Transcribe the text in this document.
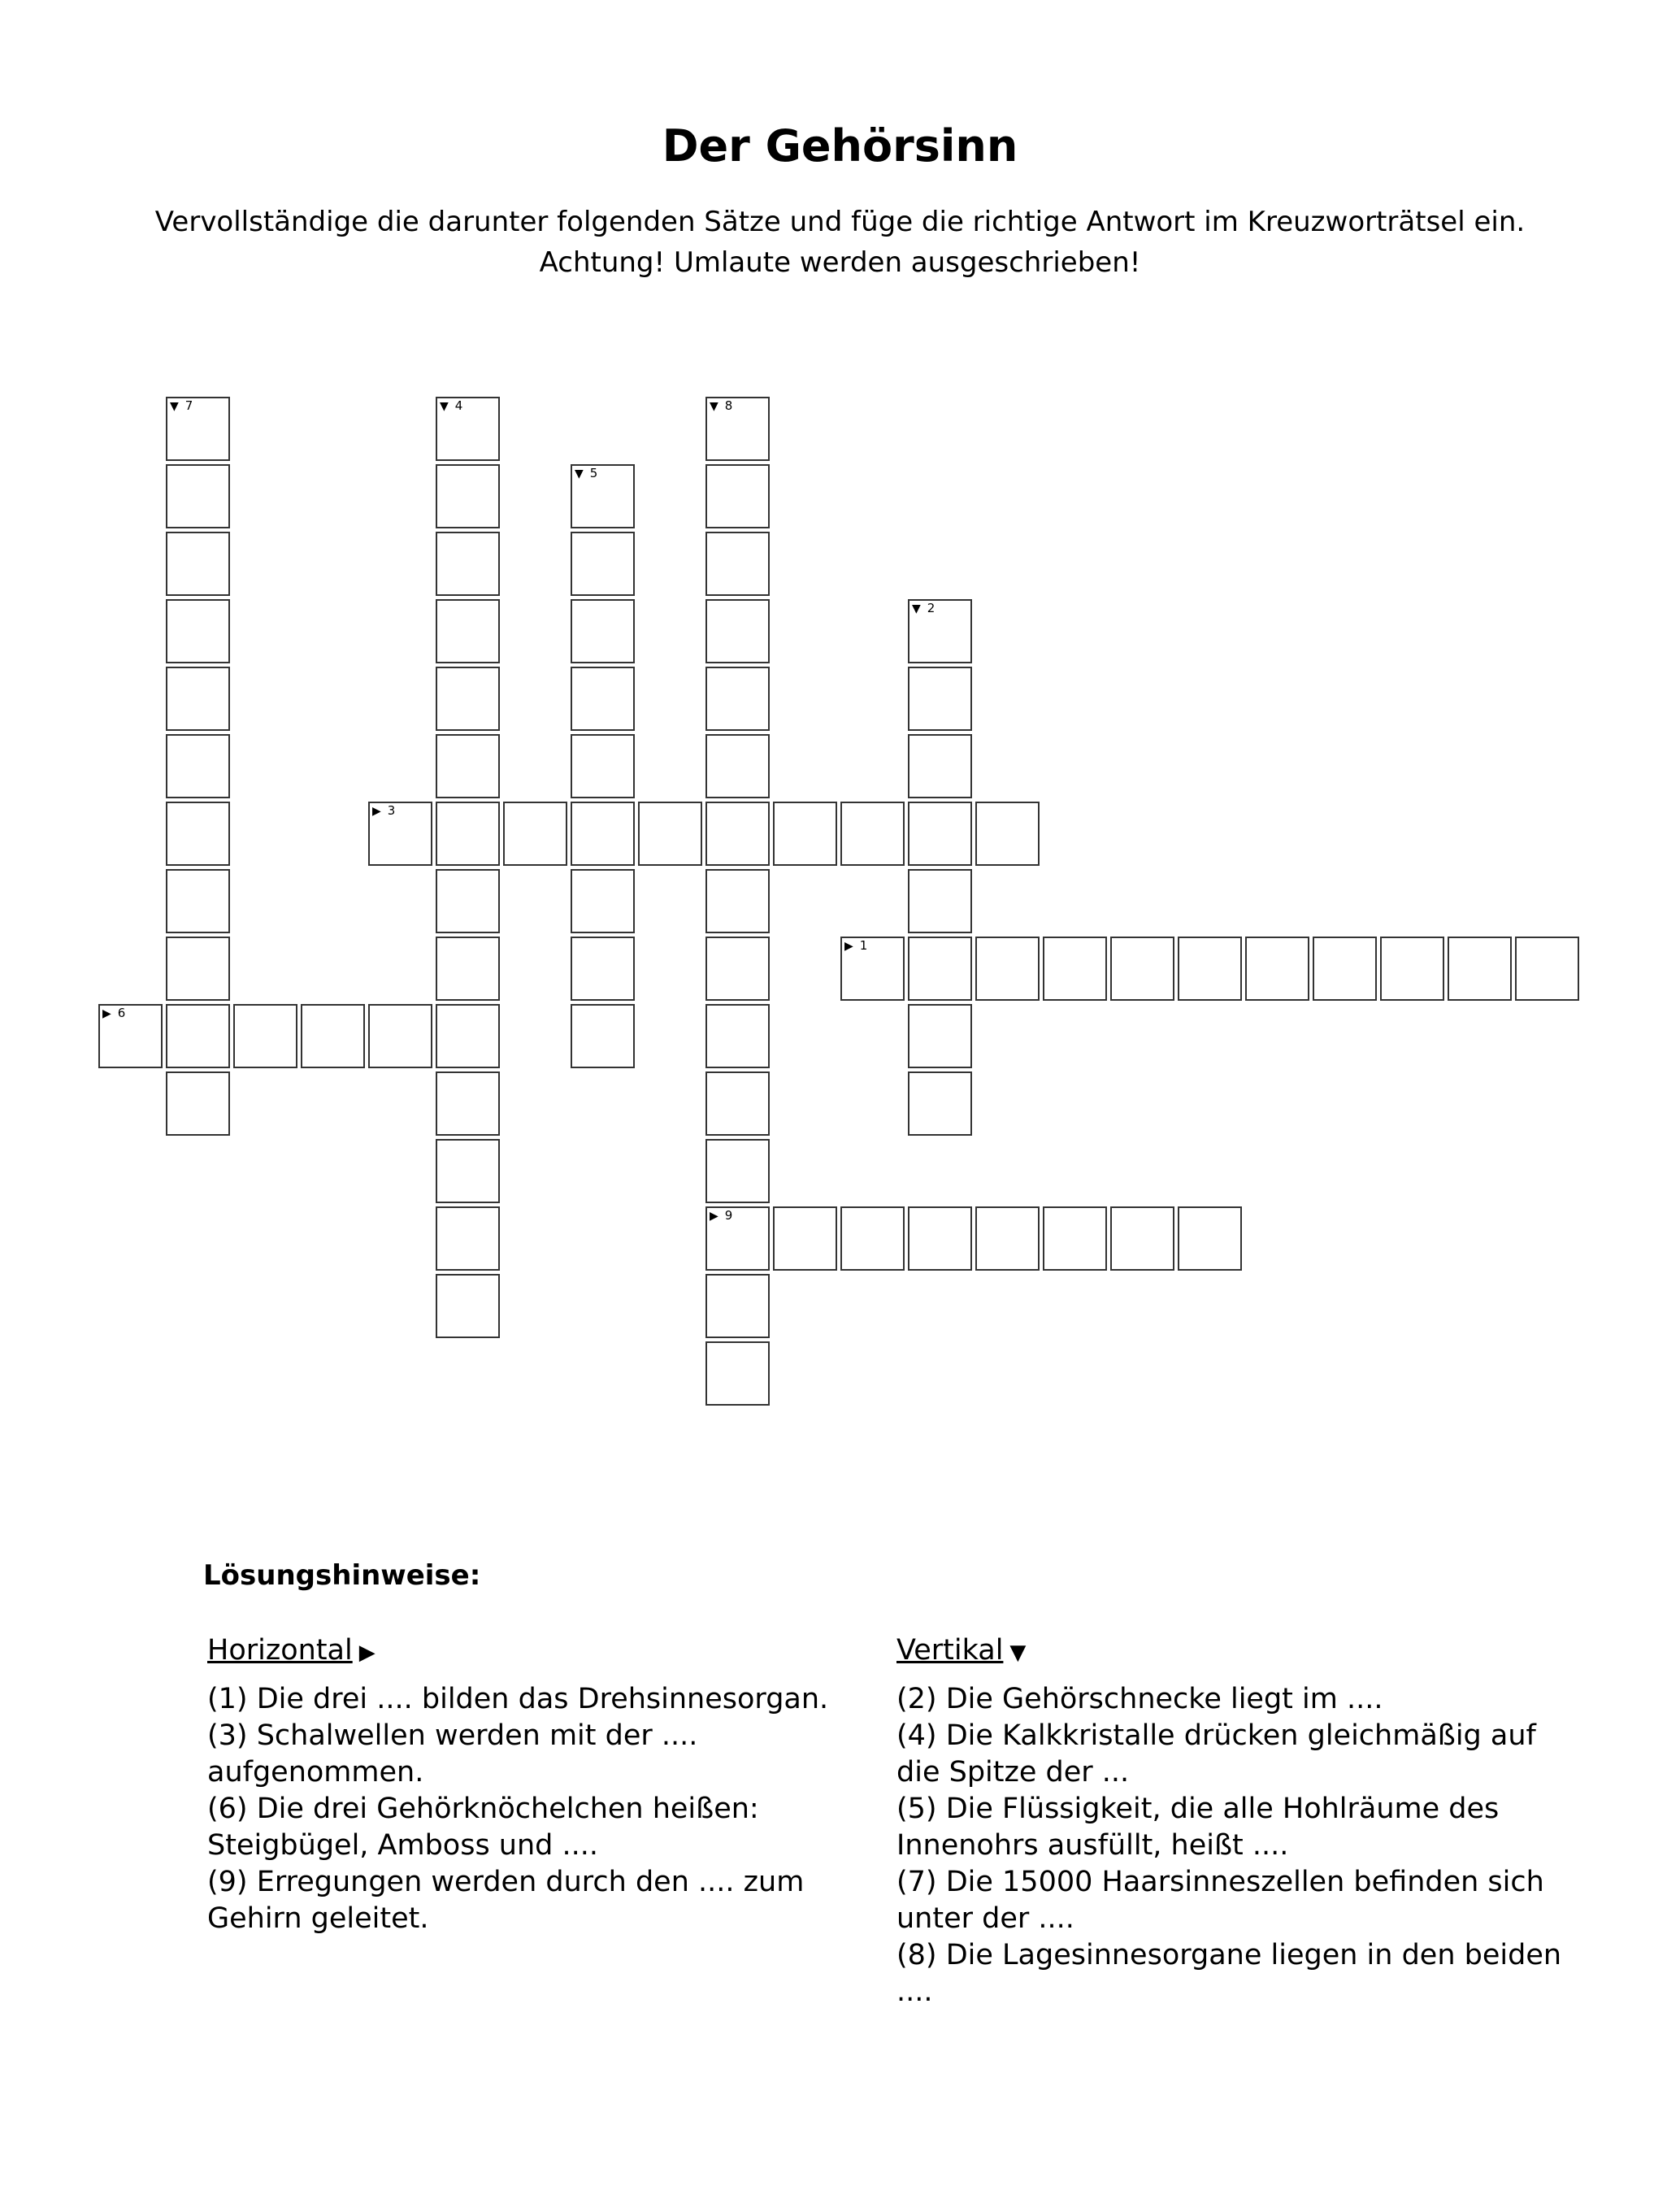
Der Gehörsinn
Vervollständige die darunter folgenden Sätze und füge die richtige Antwort im Kreuzworträtsel ein.
Achtung! Umlaute werden ausgeschrieben!
▶ 1
▼ 2
▶ 3
▼ 4
▼ 5
▶ 6
▼ 7	▼ 8
▶ 9
Lösungshinweise:
Horizontal ▶
(1) Die drei .... bilden das Drehsinnesorgan.
(3) Schalwellen werden mit der ....
aufgenommen.
(6) Die drei Gehörknöchelchen heißen:
Steigbügel, Amboss und ....
(9) Erregungen werden durch den .... zum
Gehirn geleitet.
Vertikal ▼
(2) Die Gehörschnecke liegt im ....
(4) Die Kalkkristalle drücken gleichmäßig auf
die Spitze der ...
(5) Die Flüssigkeit, die alle Hohlräume des
Innenohrs ausfüllt, heißt ....
(7) Die 15000 Haarsinneszellen befinden sich
unter der ....
(8) Die Lagesinnesorgane liegen in den beiden
....
